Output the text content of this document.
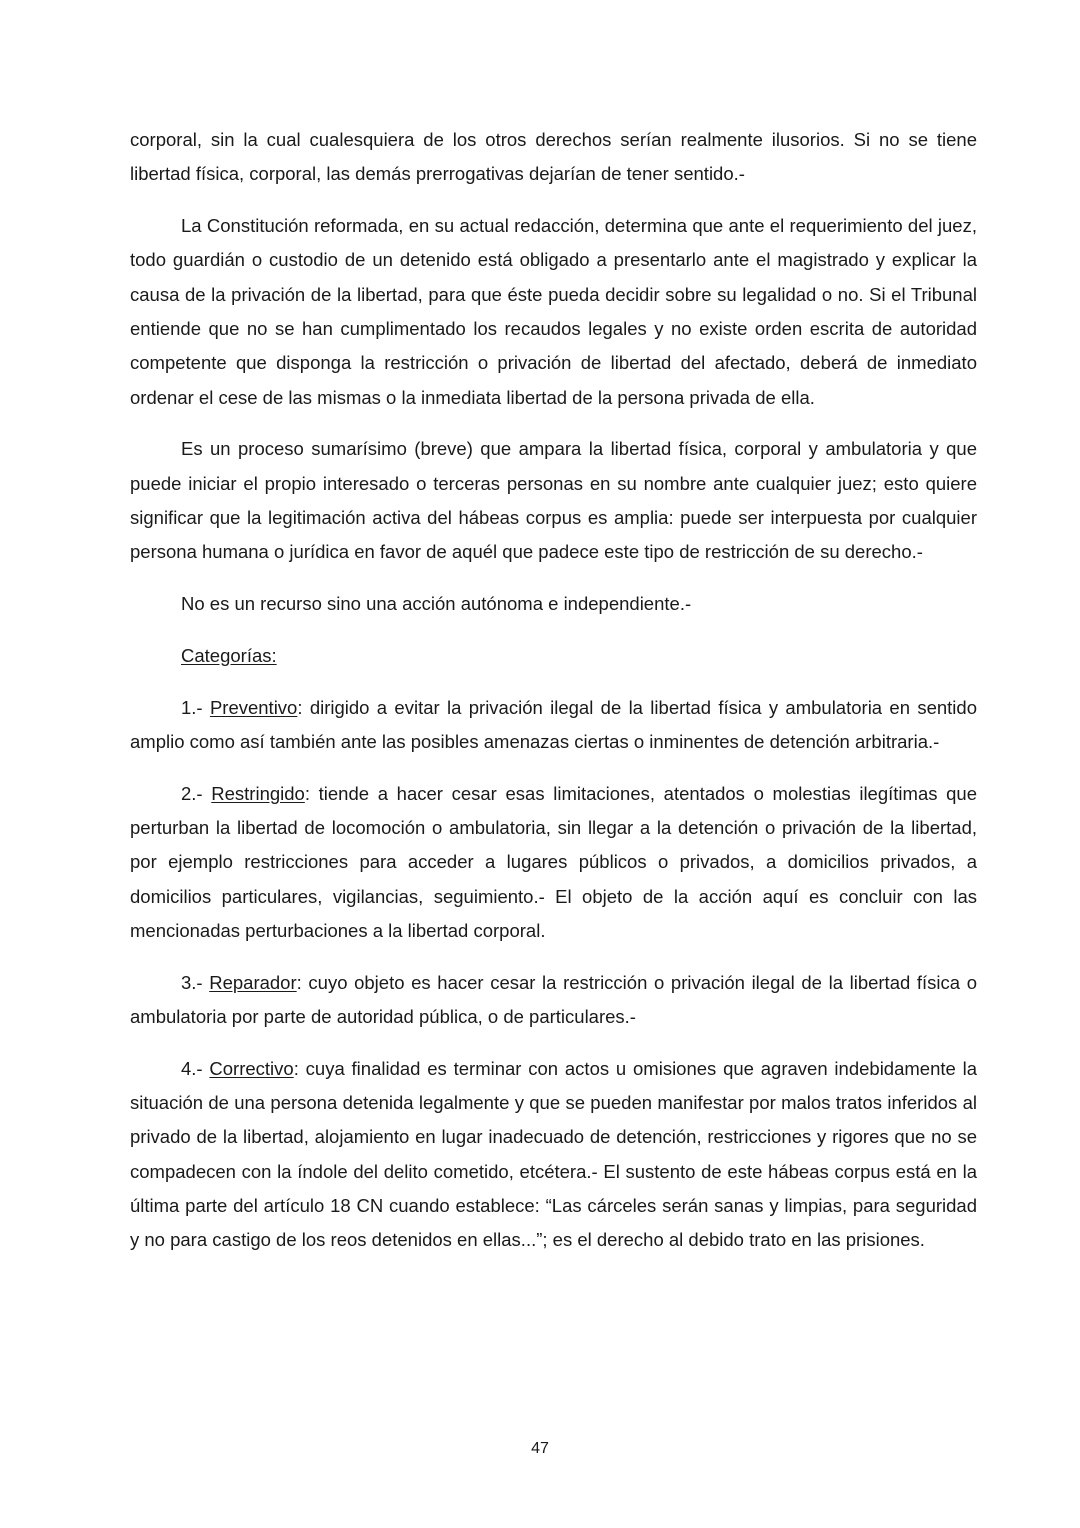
corporal, sin la cual cualesquiera de los otros derechos serían realmente ilusorios. Si no se tiene libertad física, corporal, las demás prerrogativas dejarían de tener sentido.-

La Constitución reformada, en su actual redacción, determina que ante el requerimiento del juez, todo guardián o custodio de un detenido está obligado a presentarlo ante el magistrado y explicar la causa de la privación de la libertad, para que éste pueda decidir sobre su legalidad o no. Si el Tribunal entiende que no se han cumplimentado los recaudos legales y no existe orden escrita de autoridad competente que disponga la restricción o privación de libertad del afectado, deberá de inmediato ordenar el cese de las mismas o la inmediata libertad de la persona privada de ella.

Es un proceso sumarísimo (breve) que ampara la libertad física, corporal y ambulatoria y que puede iniciar el propio interesado o terceras personas en su nombre ante cualquier juez; esto quiere significar que la legitimación activa del hábeas corpus es amplia: puede ser interpuesta por cualquier persona humana o jurídica en favor de aquél que padece este tipo de restricción de su derecho.-

No es un recurso sino una acción autónoma e independiente.-

Categorías:

1.- Preventivo: dirigido a evitar la privación ilegal de la libertad física y ambulatoria en sentido amplio como así también ante las posibles amenazas ciertas o inminentes de detención arbitraria.-

2.- Restringido: tiende a hacer cesar esas limitaciones, atentados o molestias ilegítimas que perturban la libertad de locomoción o ambulatoria, sin llegar a la detención o privación de la libertad, por ejemplo restricciones para acceder a lugares públicos o privados, a domicilios privados, a domicilios particulares, vigilancias, seguimiento.- El objeto de la acción aquí es concluir con las mencionadas perturbaciones a la libertad corporal.

3.- Reparador: cuyo objeto es hacer cesar la restricción o privación ilegal de la libertad física o ambulatoria por parte de autoridad pública, o de particulares.-

4.- Correctivo: cuya finalidad es terminar con actos u omisiones que agraven indebidamente la situación de una persona detenida legalmente y que se pueden manifestar por malos tratos inferidos al privado de la libertad, alojamiento en lugar inadecuado de detención, restricciones y rigores que no se compadecen con la índole del delito cometido, etcétera.- El sustento de este hábeas corpus está en la última parte del artículo 18 CN cuando establece: “Las cárceles serán sanas y limpias, para seguridad y no para castigo de los reos detenidos en ellas...”; es el derecho al debido trato en las prisiones.

47
